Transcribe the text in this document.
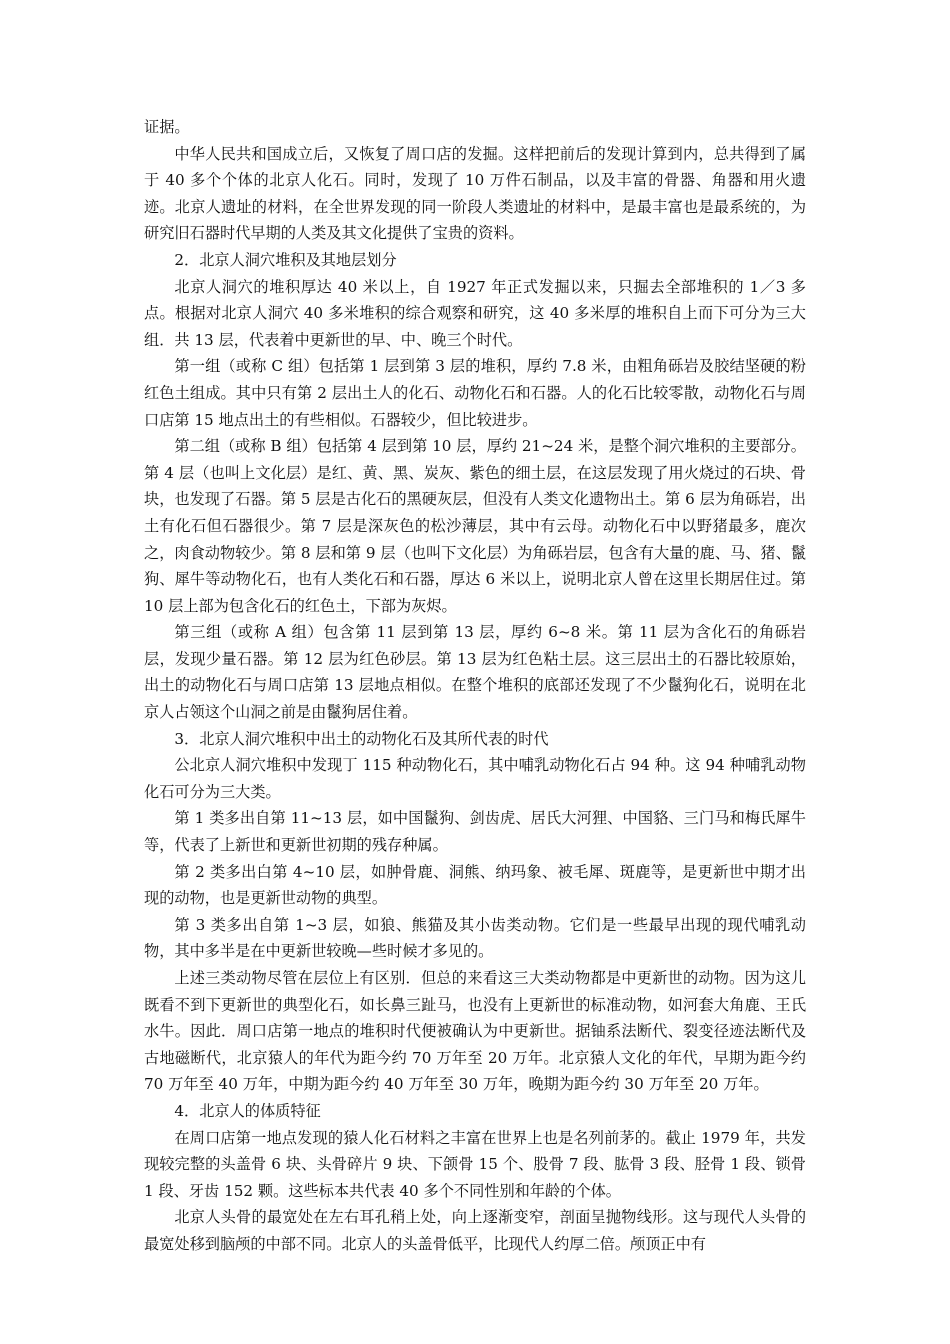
证据。

中华人民共和国成立后，又恢复了周口店的发掘。这样把前后的发现计算到内，总共得到了属于 40 多个个体的北京人化石。同时，发现了 10 万件石制品，以及丰富的骨器、角器和用火遗迹。北京人遗址的材料，在全世界发现的同一阶段人类遗址的材料中，是最丰富也是最系统的，为研究旧石器时代早期的人类及其文化提供了宝贵的资料。

2．北京人洞穴堆积及其地层划分

北京人洞穴的堆积厚达 40 米以上，自 1927 年正式发掘以来，只掘去全部堆积的 1／3 多点。根据对北京人洞穴 40 多米堆积的综合观察和研究，这 40 多米厚的堆积自上而下可分为三大组．共 13 层，代表着中更新世的早、中、晚三个时代。

第一组（或称 C 组）包括第 1 层到第 3 层的堆积，厚约 7.8 米，由粗角砾岩及胶结坚硬的粉红色土组成。其中只有第 2 层出土人的化石、动物化石和石器。人的化石比较零散，动物化石与周口店第 15 地点出土的有些相似。石器较少，但比较进步。

第二组（或称 B 组）包括第 4 层到第 10 层，厚约 21~24 米，是整个洞穴堆积的主要部分。第 4 层（也叫上文化层）是红、黄、黑、炭灰、紫色的细土层，在这层发现了用火烧过的石块、骨块，也发现了石器。第 5 层是古化石的黑硬灰层，但没有人类文化遗物出土。第 6 层为角砾岩，出土有化石但石器很少。第 7 层是深灰色的松沙薄层，其中有云母。动物化石中以野猪最多，鹿次之，肉食动物较少。第 8 层和第 9 层（也叫下文化层）为角砾岩层，包含有大量的鹿、马、猪、鬣狗、犀牛等动物化石，也有人类化石和石器，厚达 6 米以上，说明北京人曾在这里长期居住过。第 10 层上部为包含化石的红色土，下部为灰烬。

第三组（或称 A 组）包含第 11 层到第 13 层，厚约 6~8 米。第 11 层为含化石的角砾岩层，发现少量石器。第 12 层为红色砂层。第 13 层为红色粘土层。这三层出土的石器比较原始，出土的动物化石与周口店第 13 层地点相似。在整个堆积的底部还发现了不少鬣狗化石，说明在北京人占领这个山洞之前是由鬣狗居住着。

3．北京人洞穴堆积中出土的动物化石及其所代表的时代

公北京人洞穴堆积中发现丁 115 种动物化石，其中哺乳动物化石占 94 种。这 94 种哺乳动物化石可分为三大类。

第 1 类多出自第 11~13 层，如中国鬣狗、剑齿虎、居氏大河狸、中国貉、三门马和梅氏犀牛等，代表了上新世和更新世初期的残存种属。

第 2 类多出白第 4~10 层，如肿骨鹿、洞熊、纳玛象、被毛犀、斑鹿等，是更新世中期才出现的动物，也是更新世动物的典型。

第 3 类多出自第 1~3 层，如狼、熊猫及其小齿类动物。它们是一些最早出现的现代哺乳动物，其中多半是在中更新世较晚—些时候才多见的。

上述三类动物尽管在层位上有区别．但总的来看这三大类动物都是中更新世的动物。因为这儿既看不到下更新世的典型化石，如长鼻三趾马，也没有上更新世的标准动物，如河套大角鹿、王氏水牛。因此．周口店第一地点的堆积时代便被确认为中更新世。据铀系法断代、裂变径迹法断代及古地磁断代，北京猿人的年代为距今约 70 万年至 20 万年。北京猿人文化的年代，早期为距今约 70 万年至 40 万年，中期为距今约 40 万年至 30 万年，晚期为距今约 30 万年至 20 万年。

4．北京人的体质特征

在周口店第一地点发现的猿人化石材料之丰富在世界上也是名列前茅的。截止 1979 年，共发现较完整的头盖骨 6 块、头骨碎片 9 块、下颌骨 15 个、股骨 7 段、肱骨 3 段、胫骨 1 段、锁骨 1 段、牙齿 152 颗。这些标本共代表 40 多个不同性别和年龄的个体。

北京人头骨的最宽处在左右耳孔稍上处，向上逐渐变窄，剖面呈抛物线形。这与现代人头骨的最宽处移到脑颅的中部不同。北京人的头盖骨低平，比现代人约厚二倍。颅顶正中有
